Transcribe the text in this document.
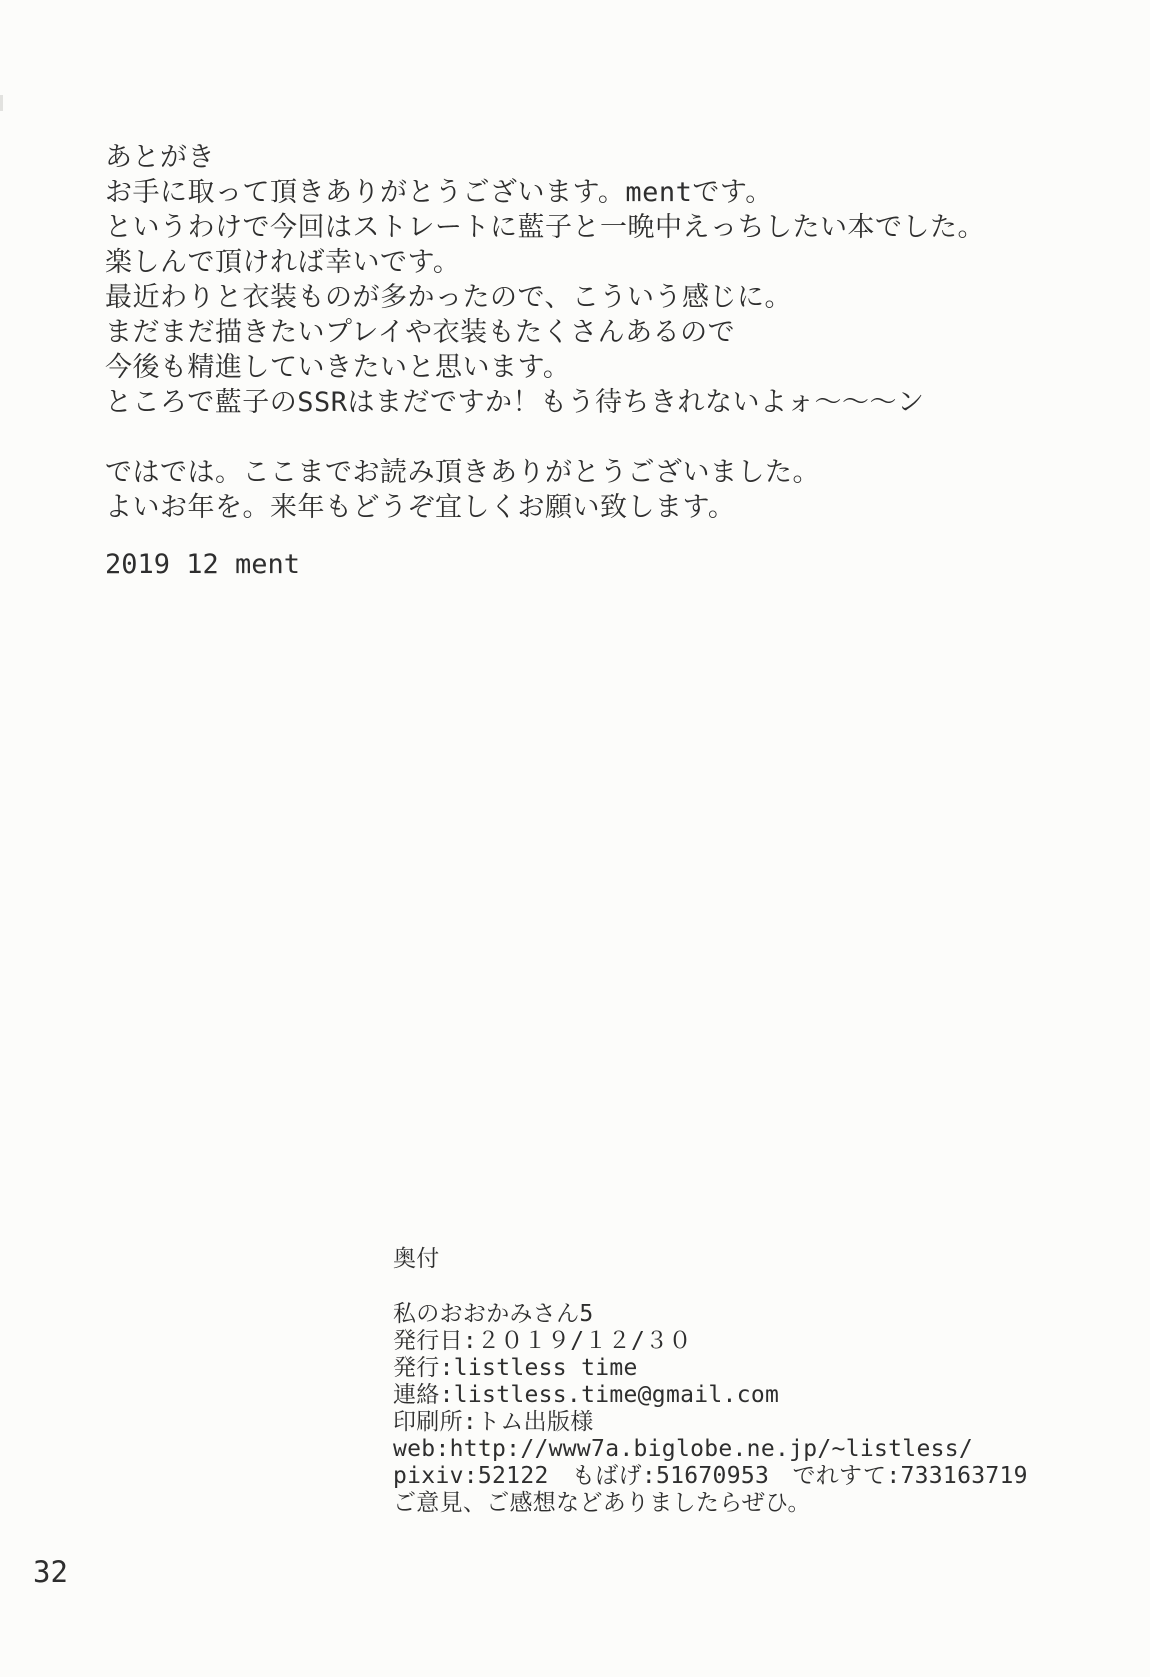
あとがき
お手に取って頂きありがとうございます。mentです。
というわけで今回はストレートに藍子と一晩中えっちしたい本でした。
楽しんで頂ければ幸いです。
最近わりと衣装ものが多かったので、こういう感じに。
まだまだ描きたいプレイや衣装もたくさんあるので
今後も精進していきたいと思います。
ところで藍子のSSRはまだですか！もう待ちきれないよォ～～～ン
ではでは。ここまでお読み頂きありがとうございました。
よいお年を。来年もどうぞ宜しくお願い致します。
2019 12 ment
奥付
私のおおかみさん5
発行日:２０１９/１２/３０
発行:listless time
連絡:listless.time@gmail.com
印刷所:トム出版様
web:http://www7a.biglobe.ne.jp/~listless/
pixiv:52122　もばげ:51670953　でれすて:733163719
ご意見、ご感想などありましたらぜひ。
32
